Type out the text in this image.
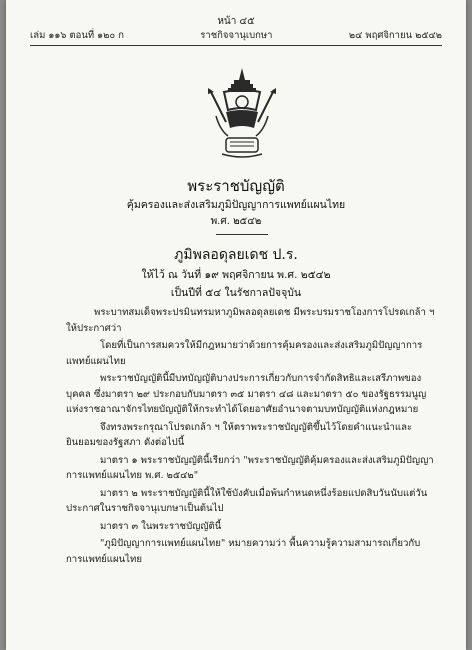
หน้า ๔๕
เล่ม ๑๑๖ ตอนที่ ๑๒๐ ก	ราชกิจจานุเบกษา	๒๔ พฤศจิกายน ๒๕๔๒
พระราชบัญญัติ
คุ้มครองและส่งเสริมภูมิปัญญาการแพทย์แผนไทย
พ.ศ. ๒๕๔๒
ภูมิพลอดุลยเดช ป.ร.
ให้ไว้ ณ วันที่ ๑๙ พฤศจิกายน พ.ศ. ๒๕๔๒
เป็นปีที่ ๕๔ ในรัชกาลปัจจุบัน

พระบาทสมเด็จพระปรมินทรมหาภูมิพลอดุลยเดช มีพระบรมราชโองการโปรดเกล้า ฯ ให้ประกาศว่า

โดยที่เป็นการสมควรให้มีกฎหมายว่าด้วยการคุ้มครองและส่งเสริมภูมิปัญญาการแพทย์แผนไทย

พระราชบัญญัตินี้มีบทบัญญัติบางประการเกี่ยวกับการจำกัดสิทธิและเสรีภาพของบุคคล ซึ่งมาตรา ๒๙ ประกอบกับมาตรา ๓๕ มาตรา ๔๘ และมาตรา ๕๐ ของรัฐธรรมนูญแห่งราชอาณาจักรไทยบัญญัติให้กระทำได้โดยอาศัยอำนาจตามบทบัญญัติแห่งกฎหมาย

จึงทรงพระกรุณาโปรดเกล้า ฯ ให้ตราพระราชบัญญัติขึ้นไว้โดยคำแนะนำและยินยอมของรัฐสภา ดังต่อไปนี้

มาตรา ๑ พระราชบัญญัตินี้เรียกว่า "พระราชบัญญัติคุ้มครองและส่งเสริมภูมิปัญญาการแพทย์แผนไทย พ.ศ. ๒๕๔๒"

มาตรา ๒ พระราชบัญญัตินี้ให้ใช้บังคับเมื่อพ้นกำหนดหนึ่งร้อยแปดสิบวันนับแต่วันประกาศในราชกิจจานุเบกษาเป็นต้นไป

มาตรา ๓ ในพระราชบัญญัตินี้

"ภูมิปัญญาการแพทย์แผนไทย" หมายความว่า พื้นความรู้ความสามารถเกี่ยวกับการแพทย์แผนไทย
